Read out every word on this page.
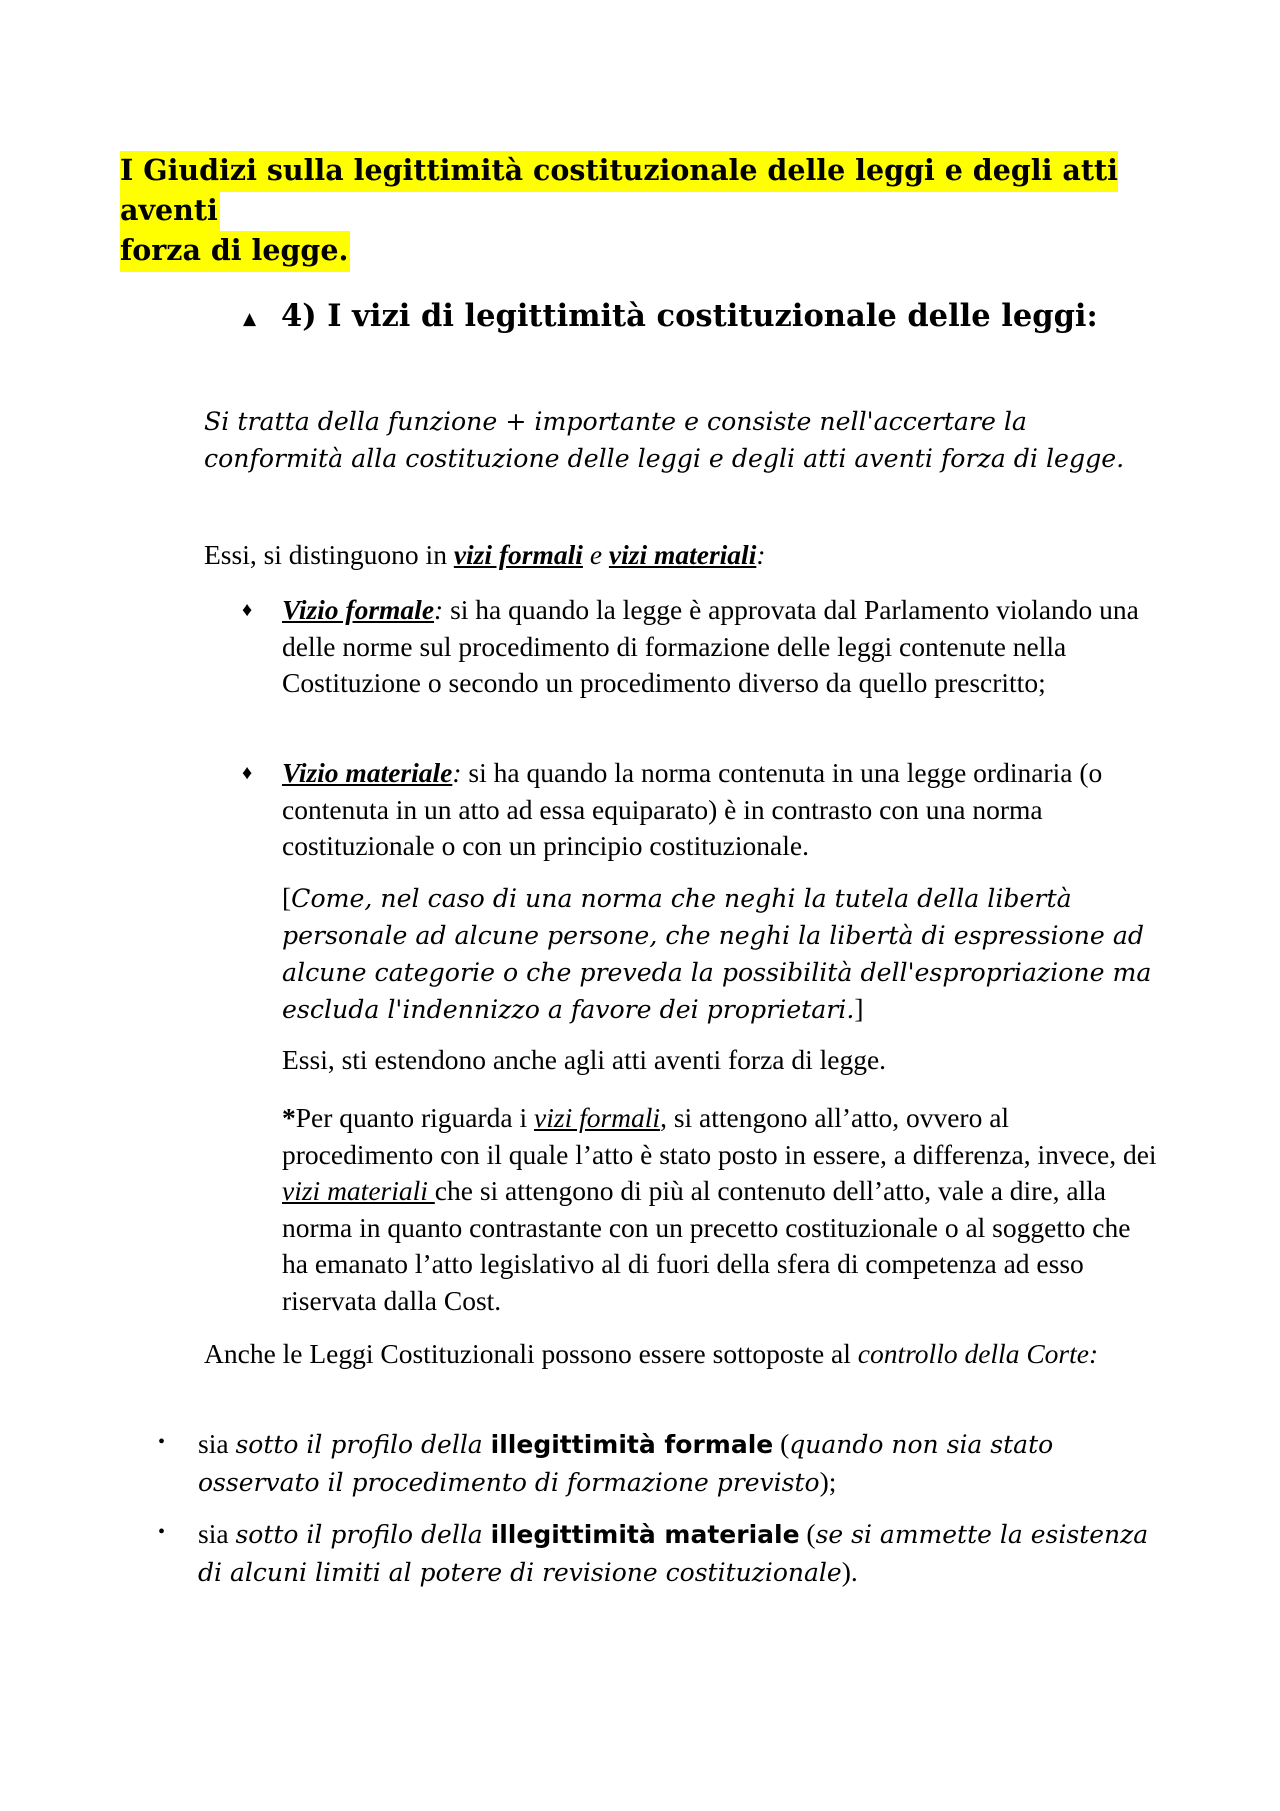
I Giudizi sulla legittimità costituzionale delle leggi e degli atti aventi
forza di legge.
▲ 4) I vizi di legittimità costituzionale delle leggi:
Si tratta della funzione + importante e consiste nell'accertare la conformità alla costituzione delle leggi e degli atti aventi forza di legge.
Essi, si distinguono in vizi formali e vizi materiali:
♦ Vizio formale: si ha quando la legge è approvata dal Parlamento violando una delle norme sul procedimento di formazione delle leggi contenute nella Costituzione o secondo un procedimento diverso da quello prescritto;
♦ Vizio materiale: si ha quando la norma contenuta in una legge ordinaria (o contenuta in un atto ad essa equiparato) è in contrasto con una norma costituzionale o con un principio costituzionale.
[Come, nel caso di una norma che neghi la tutela della libertà personale ad alcune persone, che neghi la libertà di espressione ad alcune categorie o che preveda la possibilità dell'espropriazione ma escluda l'indennizzo a favore dei proprietari.]
Essi, sti estendono anche agli atti aventi forza di legge.
*Per quanto riguarda i vizi formali, si attengono all’atto, ovvero al procedimento con il quale l’atto è stato posto in essere, a differenza, invece, dei vizi materiali che si attengono di più al contenuto dell’atto, vale a dire, alla norma in quanto contrastante con un precetto costituzionale o al soggetto che ha emanato l’atto legislativo al di fuori della sfera di competenza ad esso riservata dalla Cost.
Anche le Leggi Costituzionali possono essere sottoposte al controllo della Corte:
• sia sotto il profilo della illegittimità formale (quando non sia stato osservato il procedimento di formazione previsto);
• sia sotto il profilo della illegittimità materiale (se si ammette la esistenza di alcuni limiti al potere di revisione costituzionale).
